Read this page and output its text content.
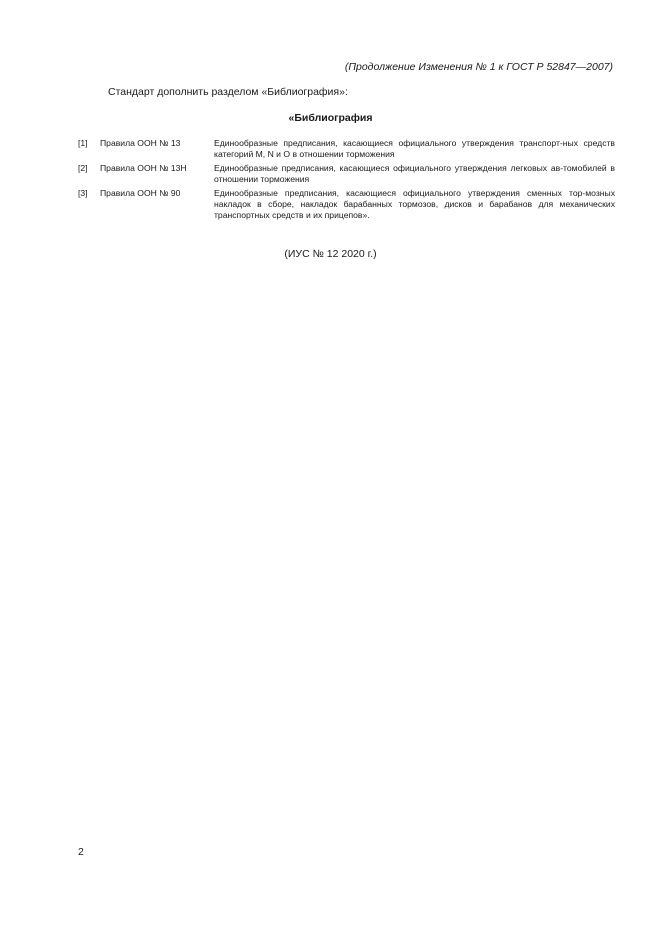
(Продолжение Изменения № 1 к ГОСТ Р 52847—2007)
Стандарт дополнить разделом «Библиография»:
«Библиография
[1]	Правила ООН № 13	Единообразные предписания, касающиеся официального утверждения транспорт-ных средств категорий M, N и O в отношении торможения
[2]	Правила ООН № 13Н	Единообразные предписания, касающиеся официального утверждения легковых ав-томобилей в отношении торможения
[3]	Правила ООН № 90	Единообразные предписания, касающиеся официального утверждения сменных тор-мозных накладок в сборе, накладок барабанных тормозов, дисков и барабанов для механических транспортных средств и их прицепов».
(ИУС № 12 2020 г.)
2
